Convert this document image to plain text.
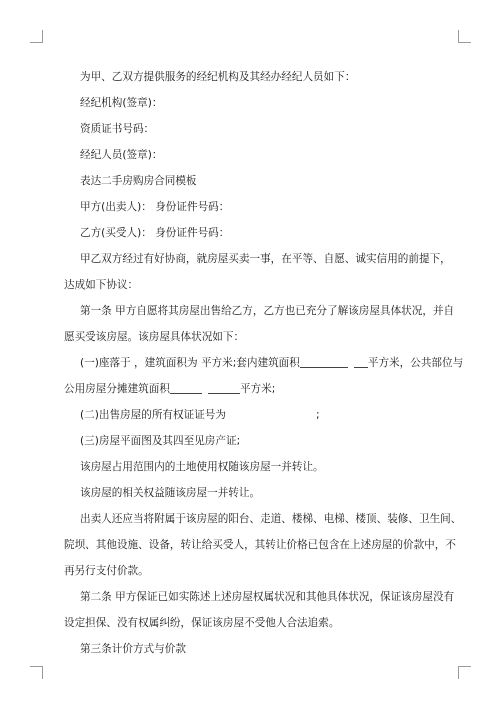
为甲、乙双方提供服务的经纪机构及其经办经纪人员如下：
经纪机构(签章)：
资质证书号码：
经纪人员(签章)：
表达二手房购房合同模板
甲方(出卖人)： 身份证件号码：
乙方(买受人)： 身份证件号码：
甲乙双方经过有好协商，就房屋买卖一事，在平等、自愿、诚实信用的前提下，
达成如下协议：
第一条 甲方自愿将其房屋出售给乙方，乙方也已充分了解该房屋具体状况，并自
愿买受该房屋。该房屋具体状况如下：
(一)座落于 ，建筑面积为 平方米;套内建筑面积	平方米，公共部位与
公用房屋分摊建筑面积	平方米;
(二)出售房屋的所有权证证号为	;
(三)房屋平面图及其四至见房产证;
该房屋占用范围内的土地使用权随该房屋一并转让。
该房屋的相关权益随该房屋一并转让。
出卖人还应当将附属于该房屋的阳台、走道、楼梯、电梯、楼顶、装修、卫生间、
院坝、其他设施、设备，转让给买受人，其转让价格已包含在上述房屋的价款中，不
再另行支付价款。
第二条 甲方保证已如实陈述上述房屋权属状况和其他具体状况，保证该房屋没有
设定担保、没有权属纠纷，保证该房屋不受他人合法追索。
第三条计价方式与价款
